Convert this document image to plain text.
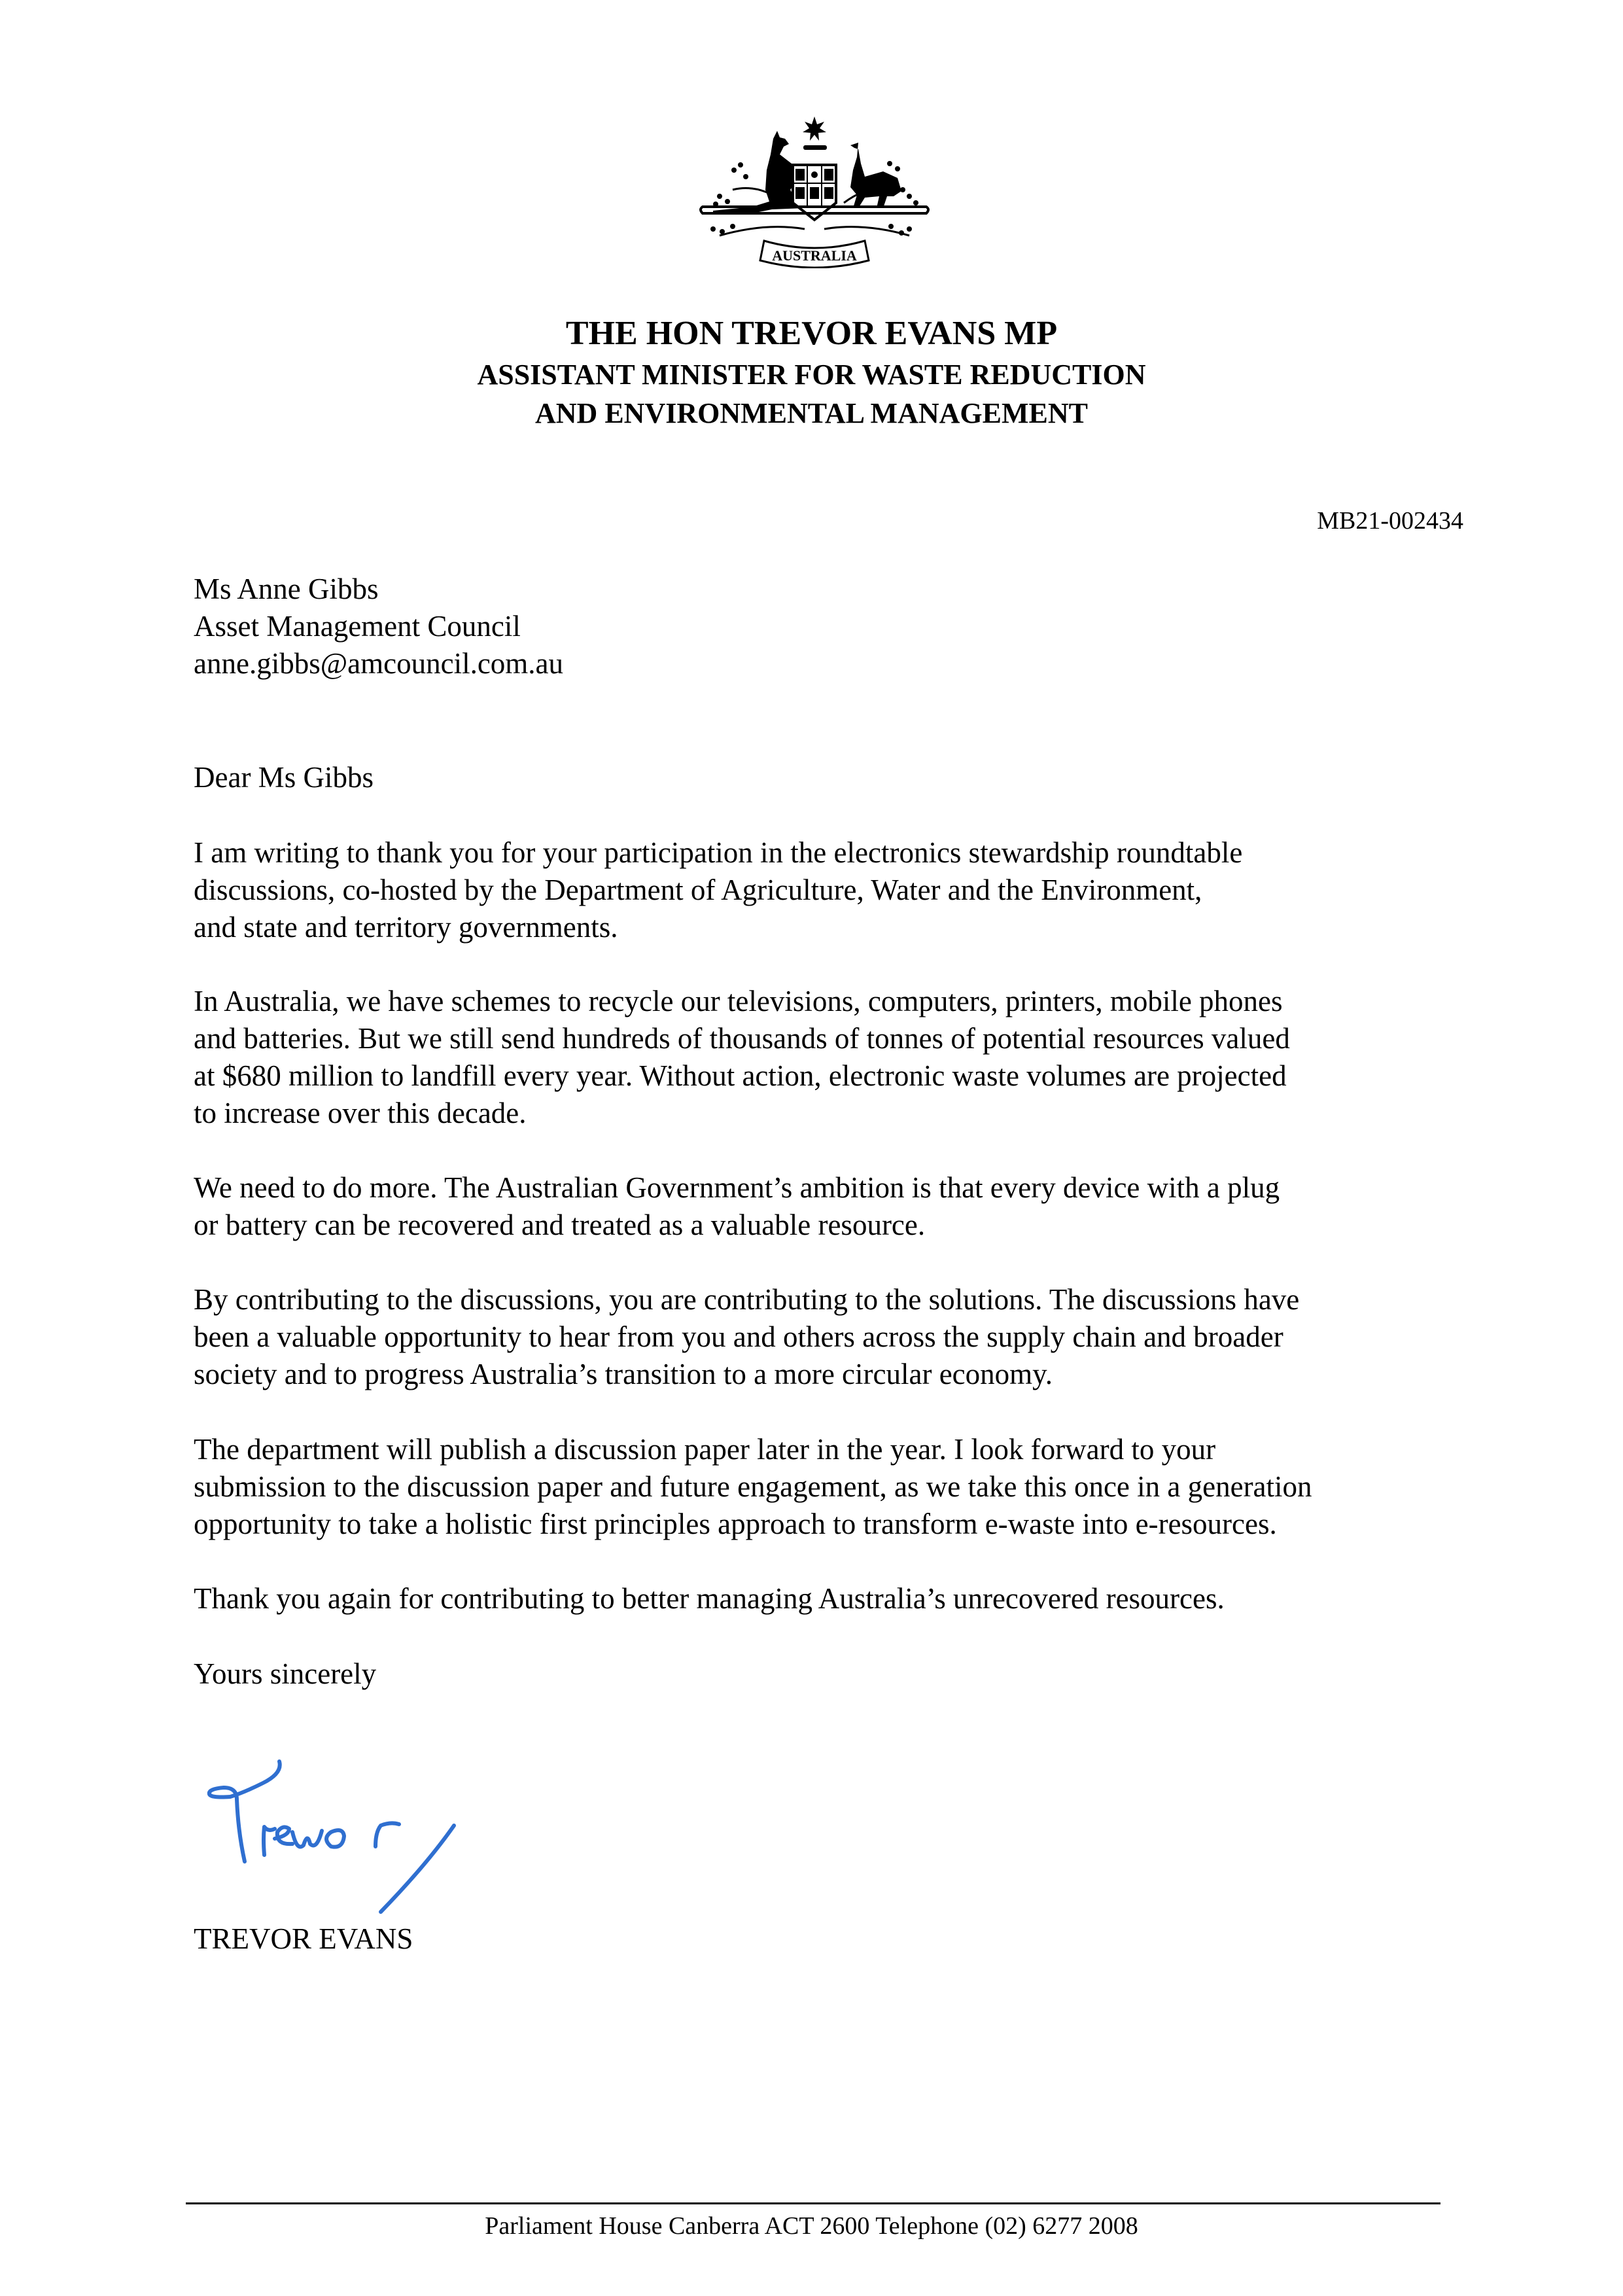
AUSTRALIA
THE HON TREVOR EVANS MP
ASSISTANT MINISTER FOR WASTE REDUCTION
AND ENVIRONMENTAL MANAGEMENT
MB21-002434
Ms Anne Gibbs
Asset Management Council
anne.gibbs@amcouncil.com.au
Dear Ms Gibbs
I am writing to thank you for your participation in the electronics stewardship roundtable
discussions, co-hosted by the Department of Agriculture, Water and the Environment,
and state and territory governments.
In Australia, we have schemes to recycle our televisions, computers, printers, mobile phones
and batteries. But we still send hundreds of thousands of tonnes of potential resources valued
at $680 million to landfill every year. Without action, electronic waste volumes are projected
to increase over this decade.
We need to do more. The Australian Government’s ambition is that every device with a plug
or battery can be recovered and treated as a valuable resource.
By contributing to the discussions, you are contributing to the solutions. The discussions have
been a valuable opportunity to hear from you and others across the supply chain and broader
society and to progress Australia’s transition to a more circular economy.
The department will publish a discussion paper later in the year. I look forward to your
submission to the discussion paper and future engagement, as we take this once in a generation
opportunity to take a holistic first principles approach to transform e-waste into e-resources.
Thank you again for contributing to better managing Australia’s unrecovered resources.
Yours sincerely
TREVOR EVANS
Parliament House Canberra ACT 2600 Telephone (02) 6277 2008
